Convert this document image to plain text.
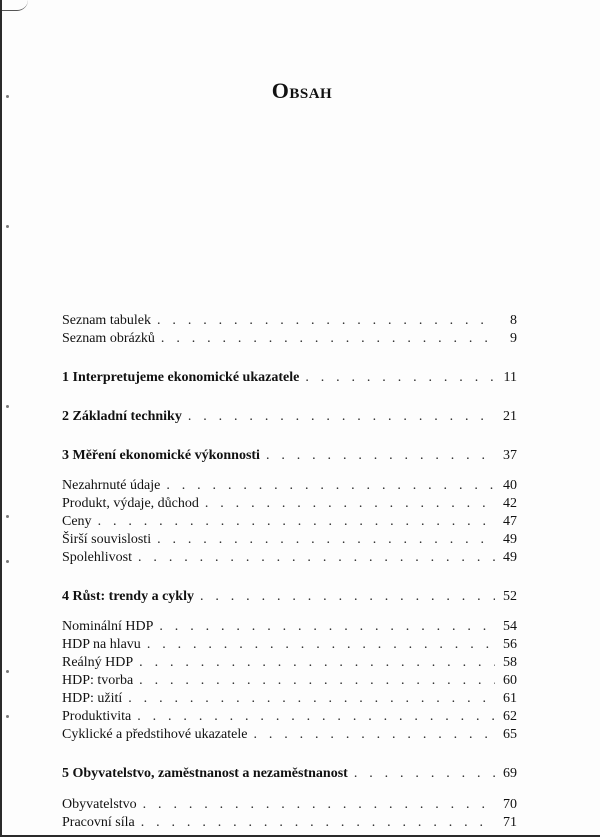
Obsah
Seznam tabulek . . .	8
Seznam obrázků . . .	9
1 Interpretujeme ekonomické ukazatele . . .	11
2 Základní techniky . . .	21
3 Měření ekonomické výkonnosti . . .	37
Nezahrnuté údaje . . .	40
Produkt, výdaje, důchod . . .	42
Ceny . . .	47
Širší souvislosti . . .	49
Spolehlivost . . .	49
4 Růst: trendy a cykly . . .	52
Nominální HDP . . .	54
HDP na hlavu . . .	56
Reálný HDP . . .	58
HDP: tvorba . . .	60
HDP: užití . . .	61
Produktivita . . .	62
Cyklické a předstihové ukazatele . . .	65
5 Obyvatelstvo, zaměstnanost a nezaměstnanost . . .	69
Obyvatelstvo . . .	70
Pracovní síla . . .	71
